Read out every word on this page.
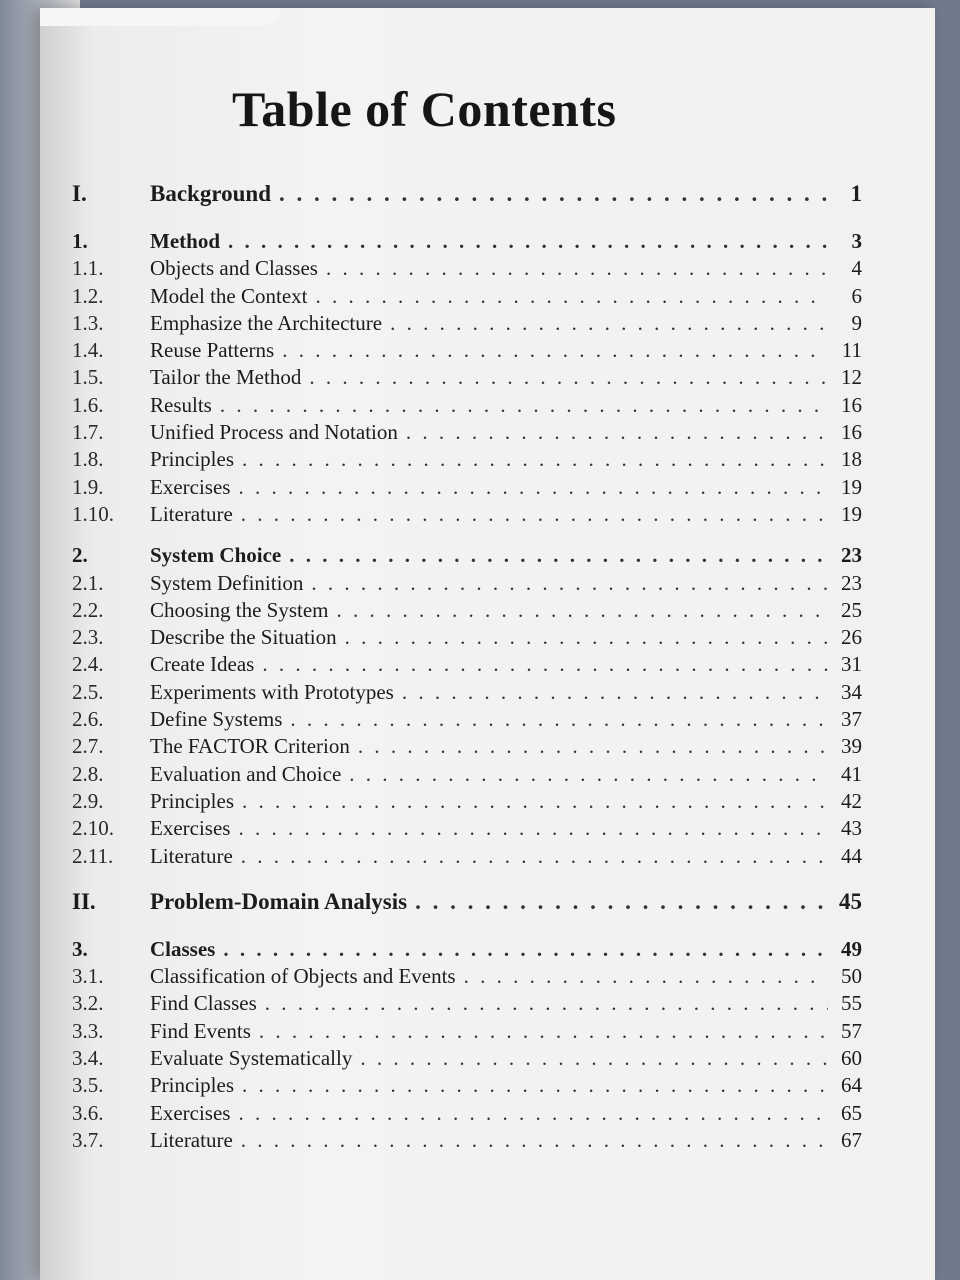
Table of Contents
I.	Background . . .	1
1.	Method . . .	3
1.1.	Objects and Classes . . .	4
1.2.	Model the Context . . .	6
1.3.	Emphasize the Architecture . . .	9
1.4.	Reuse Patterns . . .	11
1.5.	Tailor the Method . . .	12
1.6.	Results . . .	16
1.7.	Unified Process and Notation . . .	16
1.8.	Principles . . .	18
1.9.	Exercises . . .	19
1.10.	Literature . . .	19
2.	System Choice . . .	23
2.1.	System Definition . . .	23
2.2.	Choosing the System . . .	25
2.3.	Describe the Situation . . .	26
2.4.	Create Ideas . . .	31
2.5.	Experiments with Prototypes . . .	34
2.6.	Define Systems . . .	37
2.7.	The FACTOR Criterion . . .	39
2.8.	Evaluation and Choice . . .	41
2.9.	Principles . . .	42
2.10.	Exercises . . .	43
2.11.	Literature . . .	44
II.	Problem-Domain Analysis . . .	45
3.	Classes . . .	49
3.1.	Classification of Objects and Events . . .	50
3.2.	Find Classes . . .	55
3.3.	Find Events . . .	57
3.4.	Evaluate Systematically . . .	60
3.5.	Principles . . .	64
3.6.	Exercises . . .	65
3.7.	Literature . . .	67
